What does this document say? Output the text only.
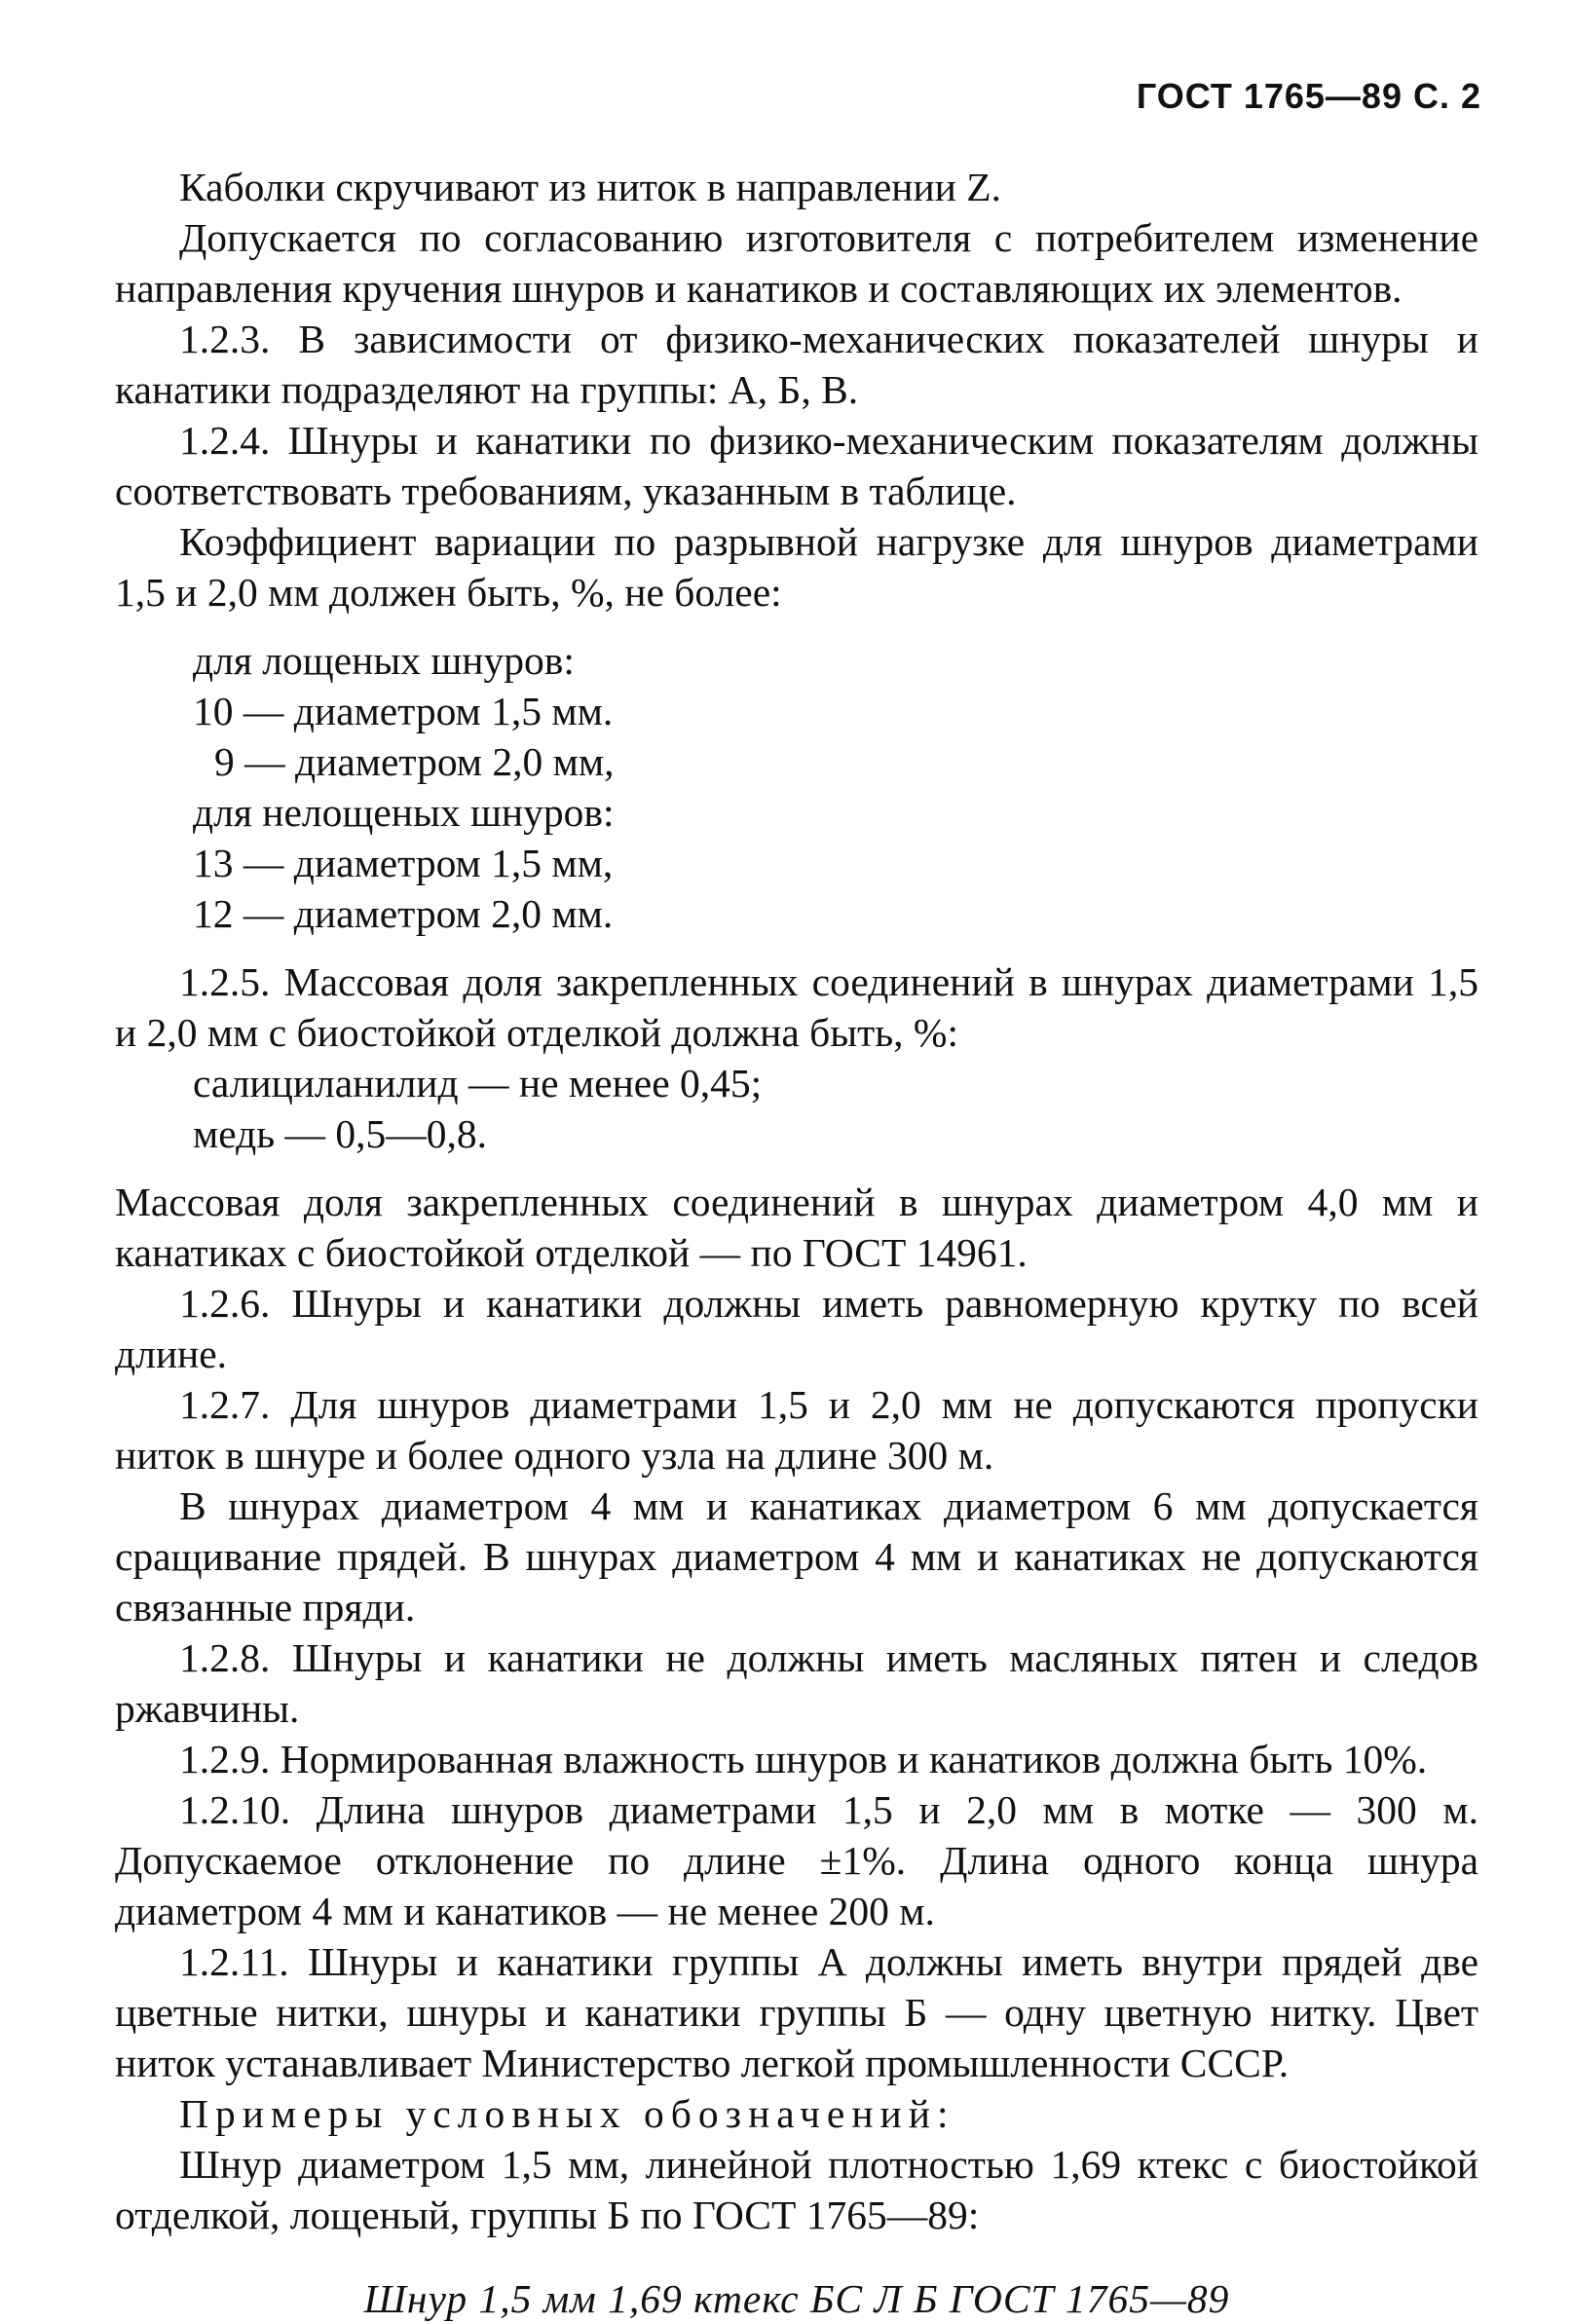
ГОСТ 1765—89 С. 2

Каболки скручивают из ниток в направлении Z.

Допускается по согласованию изготовителя с потребителем изменение направления кручения шнуров и канатиков и составляющих их элементов.

1.2.3. В зависимости от физико-механических показателей шнуры и канатики подразделяют на группы: А, Б, В.

1.2.4. Шнуры и канатики по физико-механическим показателям должны соответствовать требованиям, указанным в таблице.

Коэффициент вариации по разрывной нагрузке для шнуров диаметрами 1,5 и 2,0 мм должен быть, %, не более:

для лощеных шнуров:

10 — диаметром 1,5 мм.

9 — диаметром 2,0 мм,

для нелощеных шнуров:

13 — диаметром 1,5 мм,

12 — диаметром 2,0 мм.

1.2.5. Массовая доля закрепленных соединений в шнурах диаметрами 1,5 и 2,0 мм с биостойкой отделкой должна быть, %:

салициланилид — не менее 0,45;

медь — 0,5—0,8.

Массовая доля закрепленных соединений в шнурах диаметром 4,0 мм и канатиках с биостойкой отделкой — по ГОСТ 14961.

1.2.6. Шнуры и канатики должны иметь равномерную крутку по всей длине.

1.2.7. Для шнуров диаметрами 1,5 и 2,0 мм не допускаются пропуски ниток в шнуре и более одного узла на длине 300 м.

В шнурах диаметром 4 мм и канатиках диаметром 6 мм допускается сращивание прядей. В шнурах диаметром 4 мм и канатиках не допускаются связанные пряди.

1.2.8. Шнуры и канатики не должны иметь масляных пятен и следов ржавчины.

1.2.9. Нормированная влажность шнуров и канатиков должна быть 10%.

1.2.10. Длина шнуров диаметрами 1,5 и 2,0 мм в мотке — 300 м. Допускаемое отклонение по длине ±1%. Длина одного конца шнура диаметром 4 мм и канатиков — не менее 200 м.

1.2.11. Шнуры и канатики группы А должны иметь внутри прядей две цветные нитки, шнуры и канатики группы Б — одну цветную нитку. Цвет ниток устанавливает Министерство легкой промышленности СССР.

Примеры условных обозначений:

Шнур диаметром 1,5 мм, линейной плотностью 1,69 ктекс с биостойкой отделкой, лощеный, группы Б по ГОСТ 1765—89:

Шнур 1,5 мм 1,69 ктекс БС Л Б ГОСТ 1765—89
